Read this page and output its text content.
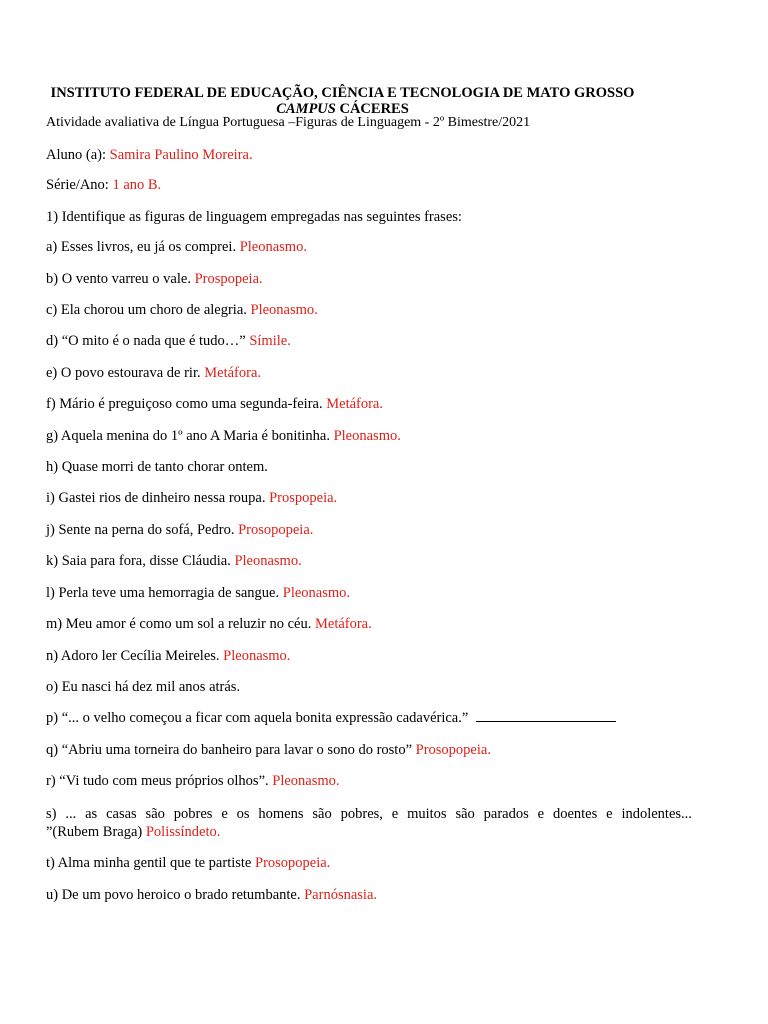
INSTITUTO FEDERAL DE EDUCAÇÃO, CIÊNCIA E TECNOLOGIA DE MATO GROSSO
CAMPUS CÁCERES
Atividade avaliativa de Língua Portuguesa –Figuras de Linguagem - 2º Bimestre/2021
Aluno (a): Samira Paulino Moreira.
Série/Ano: 1 ano B.
1) Identifique as figuras de linguagem empregadas nas seguintes frases:
a) Esses livros, eu já os comprei. Pleonasmo.
b) O vento varreu o vale. Prospopeia.
c) Ela chorou um choro de alegria. Pleonasmo.
d) “O mito é o nada que é tudo…” Símile.
e) O povo estourava de rir. Metáfora.
f) Mário é preguiçoso como uma segunda-feira. Metáfora.
g) Aquela menina do 1º ano A Maria é bonitinha. Pleonasmo.
h) Quase morri de tanto chorar ontem.
i) Gastei rios de dinheiro nessa roupa. Prospopeia.
j) Sente na perna do sofá, Pedro. Prosopopeia.
k) Saia para fora, disse Cláudia. Pleonasmo.
l) Perla teve uma hemorragia de sangue. Pleonasmo.
m) Meu amor é como um sol a reluzir no céu. Metáfora.
n) Adoro ler Cecília Meireles. Pleonasmo.
o) Eu nasci há dez mil anos atrás.
p) “... o velho começou a ficar com aquela bonita expressão cadavérica.”
q) “Abriu uma torneira do banheiro para lavar o sono do rosto” Prosopopeia.
r) “Vi tudo com meus próprios olhos”. Pleonasmo.
s) ... as casas são pobres e os homens são pobres, e muitos são parados e doentes e indolentes...
”(Rubem Braga) Polissíndeto.
t) Alma minha gentil que te partiste Prosopopeia.
u) De um povo heroico o brado retumbante. Parnósnasia.
